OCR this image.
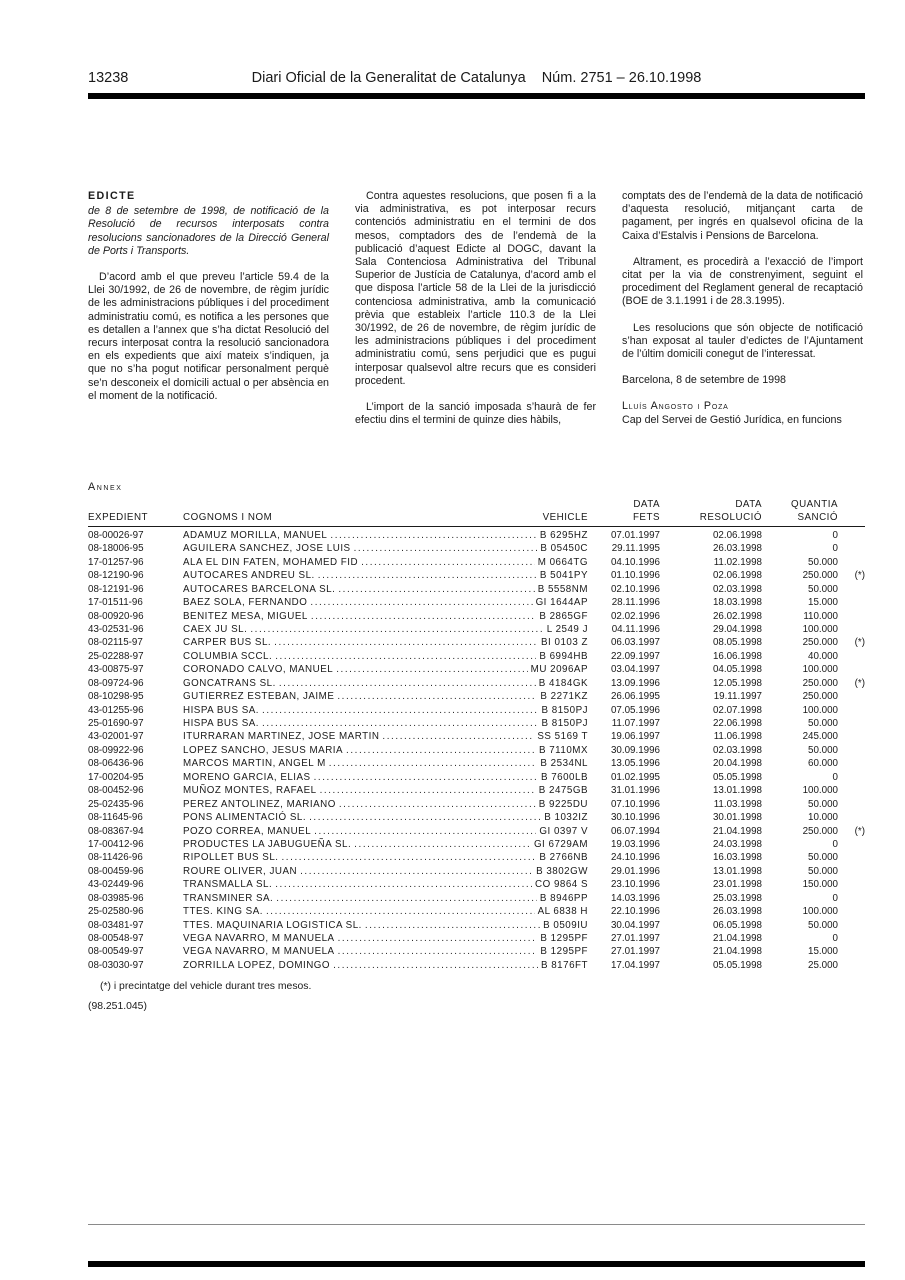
13238	Diari Oficial de la Generalitat de Catalunya Núm. 2751 – 26.10.1998
EDICTE
de 8 de setembre de 1998, de notificació de la Resolució de recursos interposats contra resolucions sancionadores de la Direcció General de Ports i Transports.
D’acord amb el que preveu l’article 59.4 de la Llei 30/1992, de 26 de novembre, de règim jurídic de les administracions públiques i del procediment administratiu comú, es notifica a les persones que es detallen a l’annex que s’ha dictat Resolució del recurs interposat contra la resolució sancionadora en els expedients que així mateix s’indiquen, ja que no s’ha pogut notificar personalment perquè se’n desconeix el domicili actual o per absència en el moment de la notificació.
Contra aquestes resolucions, que posen fi a la via administrativa, es pot interposar recurs contenciós administratiu en el termini de dos mesos, comptadors des de l’endemà de la publicació d’aquest Edicte al DOGC, davant la Sala Contenciosa Administrativa del Tribunal Superior de Justícia de Catalunya, d’acord amb el que disposa l’article 58 de la Llei de la jurisdicció contenciosa administrativa, amb la comunicació prèvia que estableix l’article 110.3 de la Llei 30/1992, de 26 de novembre, de règim jurídic de les administracions públiques i del procediment administratiu comú, sens perjudici que es pugui interposar qualsevol altre recurs que es consideri procedent.
L’import de la sanció imposada s’haurà de fer efectiu dins el termini de quinze dies hàbils,
comptats des de l’endemà de la data de notificació d’aquesta resolució, mitjançant carta de pagament, per ingrés en qualsevol oficina de la Caixa d’Estalvis i Pensions de Barcelona.
Altrament, es procedirà a l’exacció de l’import citat per la via de constrenyiment, seguint el procediment del Reglament general de recaptació (BOE de 3.1.1991 i de 28.3.1995).
Les resolucions que són objecte de notificació s’han exposat al tauler d’edictes de l’Ajuntament de l’últim domicili conegut de l’interessat.
Barcelona, 8 de setembre de 1998
Lluís Angosto i Poza
Cap del Servei de Gestió Jurídica, en funcions
Annex
DATA	DATA	QUANTIA
EXPEDIENT	COGNOMS I NOM	VEHICLE	FETS	RESOLUCIÓ	SANCIÓ
08-00026-97	ADAMUZ MORILLA, MANUEL .....	B 6295HZ	07.01.1997	02.06.1998	0
08-18006-95	AGUILERA SANCHEZ, JOSE LUIS .....	B 05450C	29.11.1995	26.03.1998	0
17-01257-96	ALA EL DIN FATEN, MOHAMED FID .....	M 0664TG	04.10.1996	11.02.1998	50.000
08-12190-96	AUTOCARES ANDREU SL. .....	B 5041PY	01.10.1996	02.06.1998	250.000	(*)
08-12191-96	AUTOCARES BARCELONA SL. .....	B 5558NM	02.10.1996	02.03.1998	50.000
17-01511-96	BAEZ SOLA, FERNANDO .....	GI 1644AP	28.11.1996	18.03.1998	15.000
08-00920-96	BENITEZ MESA, MIGUEL .....	B 2865GF	02.02.1996	26.02.1998	110.000
43-02531-96	CAEX JU SL. .....	L 2549 J	04.11.1996	29.04.1998	100.000
08-02115-97	CARPER BUS SL. .....	BI 0103 Z	06.03.1997	08.05.1998	250.000	(*)
25-02288-97	COLUMBIA SCCL. .....	B 6994HB	22.09.1997	16.06.1998	40.000
43-00875-97	CORONADO CALVO, MANUEL .....	MU 2096AP	03.04.1997	04.05.1998	100.000
08-09724-96	GONCATRANS SL. .....	B 4184GK	13.09.1996	12.05.1998	250.000	(*)
08-10298-95	GUTIERREZ ESTEBAN, JAIME .....	B 2271KZ	26.06.1995	19.11.1997	250.000
43-01255-96	HISPA BUS SA. .....	B 8150PJ	07.05.1996	02.07.1998	100.000
25-01690-97	HISPA BUS SA. .....	B 8150PJ	11.07.1997	22.06.1998	50.000
43-02001-97	ITURRARAN MARTINEZ, JOSE MARTIN .....	SS 5169 T	19.06.1997	11.06.1998	245.000
08-09922-96	LOPEZ SANCHO, JESUS MARIA .....	B 7110MX	30.09.1996	02.03.1998	50.000
08-06436-96	MARCOS MARTIN, ANGEL M .....	B 2534NL	13.05.1996	20.04.1998	60.000
17-00204-95	MORENO GARCIA, ELIAS .....	B 7600LB	01.02.1995	05.05.1998	0
08-00452-96	MUÑOZ MONTES, RAFAEL .....	B 2475GB	31.01.1996	13.01.1998	100.000
25-02435-96	PEREZ ANTOLINEZ, MARIANO .....	B 9225DU	07.10.1996	11.03.1998	50.000
08-11645-96	PONS ALIMENTACIÓ SL. .....	B 1032IZ	30.10.1996	30.01.1998	10.000
08-08367-94	POZO CORREA, MANUEL .....	GI 0397 V	06.07.1994	21.04.1998	250.000	(*)
17-00412-96	PRODUCTES LA JABUGUEÑA SL. .....	GI 6729AM	19.03.1996	24.03.1998	0
08-11426-96	RIPOLLET BUS SL. .....	B 2766NB	24.10.1996	16.03.1998	50.000
08-00459-96	ROURE OLIVER, JUAN .....	B 3802GW	29.01.1996	13.01.1998	50.000
43-02449-96	TRANSMALLA SL. .....	CO 9864 S	23.10.1996	23.01.1998	150.000
08-03985-96	TRANSMINER SA. .....	B 8946PP	14.03.1996	25.03.1998	0
25-02580-96	TTES. KING SA. .....	AL 6838 H	22.10.1996	26.03.1998	100.000
08-03481-97	TTES. MAQUINARIA LOGISTICA SL. .....	B 0509IU	30.04.1997	06.05.1998	50.000
08-00548-97	VEGA NAVARRO, M MANUELA .....	B 1295PF	27.01.1997	21.04.1998	0
08-00549-97	VEGA NAVARRO, M MANUELA .....	B 1295PF	27.01.1997	21.04.1998	15.000
08-03030-97	ZORRILLA LOPEZ, DOMINGO .....	B 8176FT	17.04.1997	05.05.1998	25.000
(*) i precintatge del vehicle durant tres mesos.
(98.251.045)
